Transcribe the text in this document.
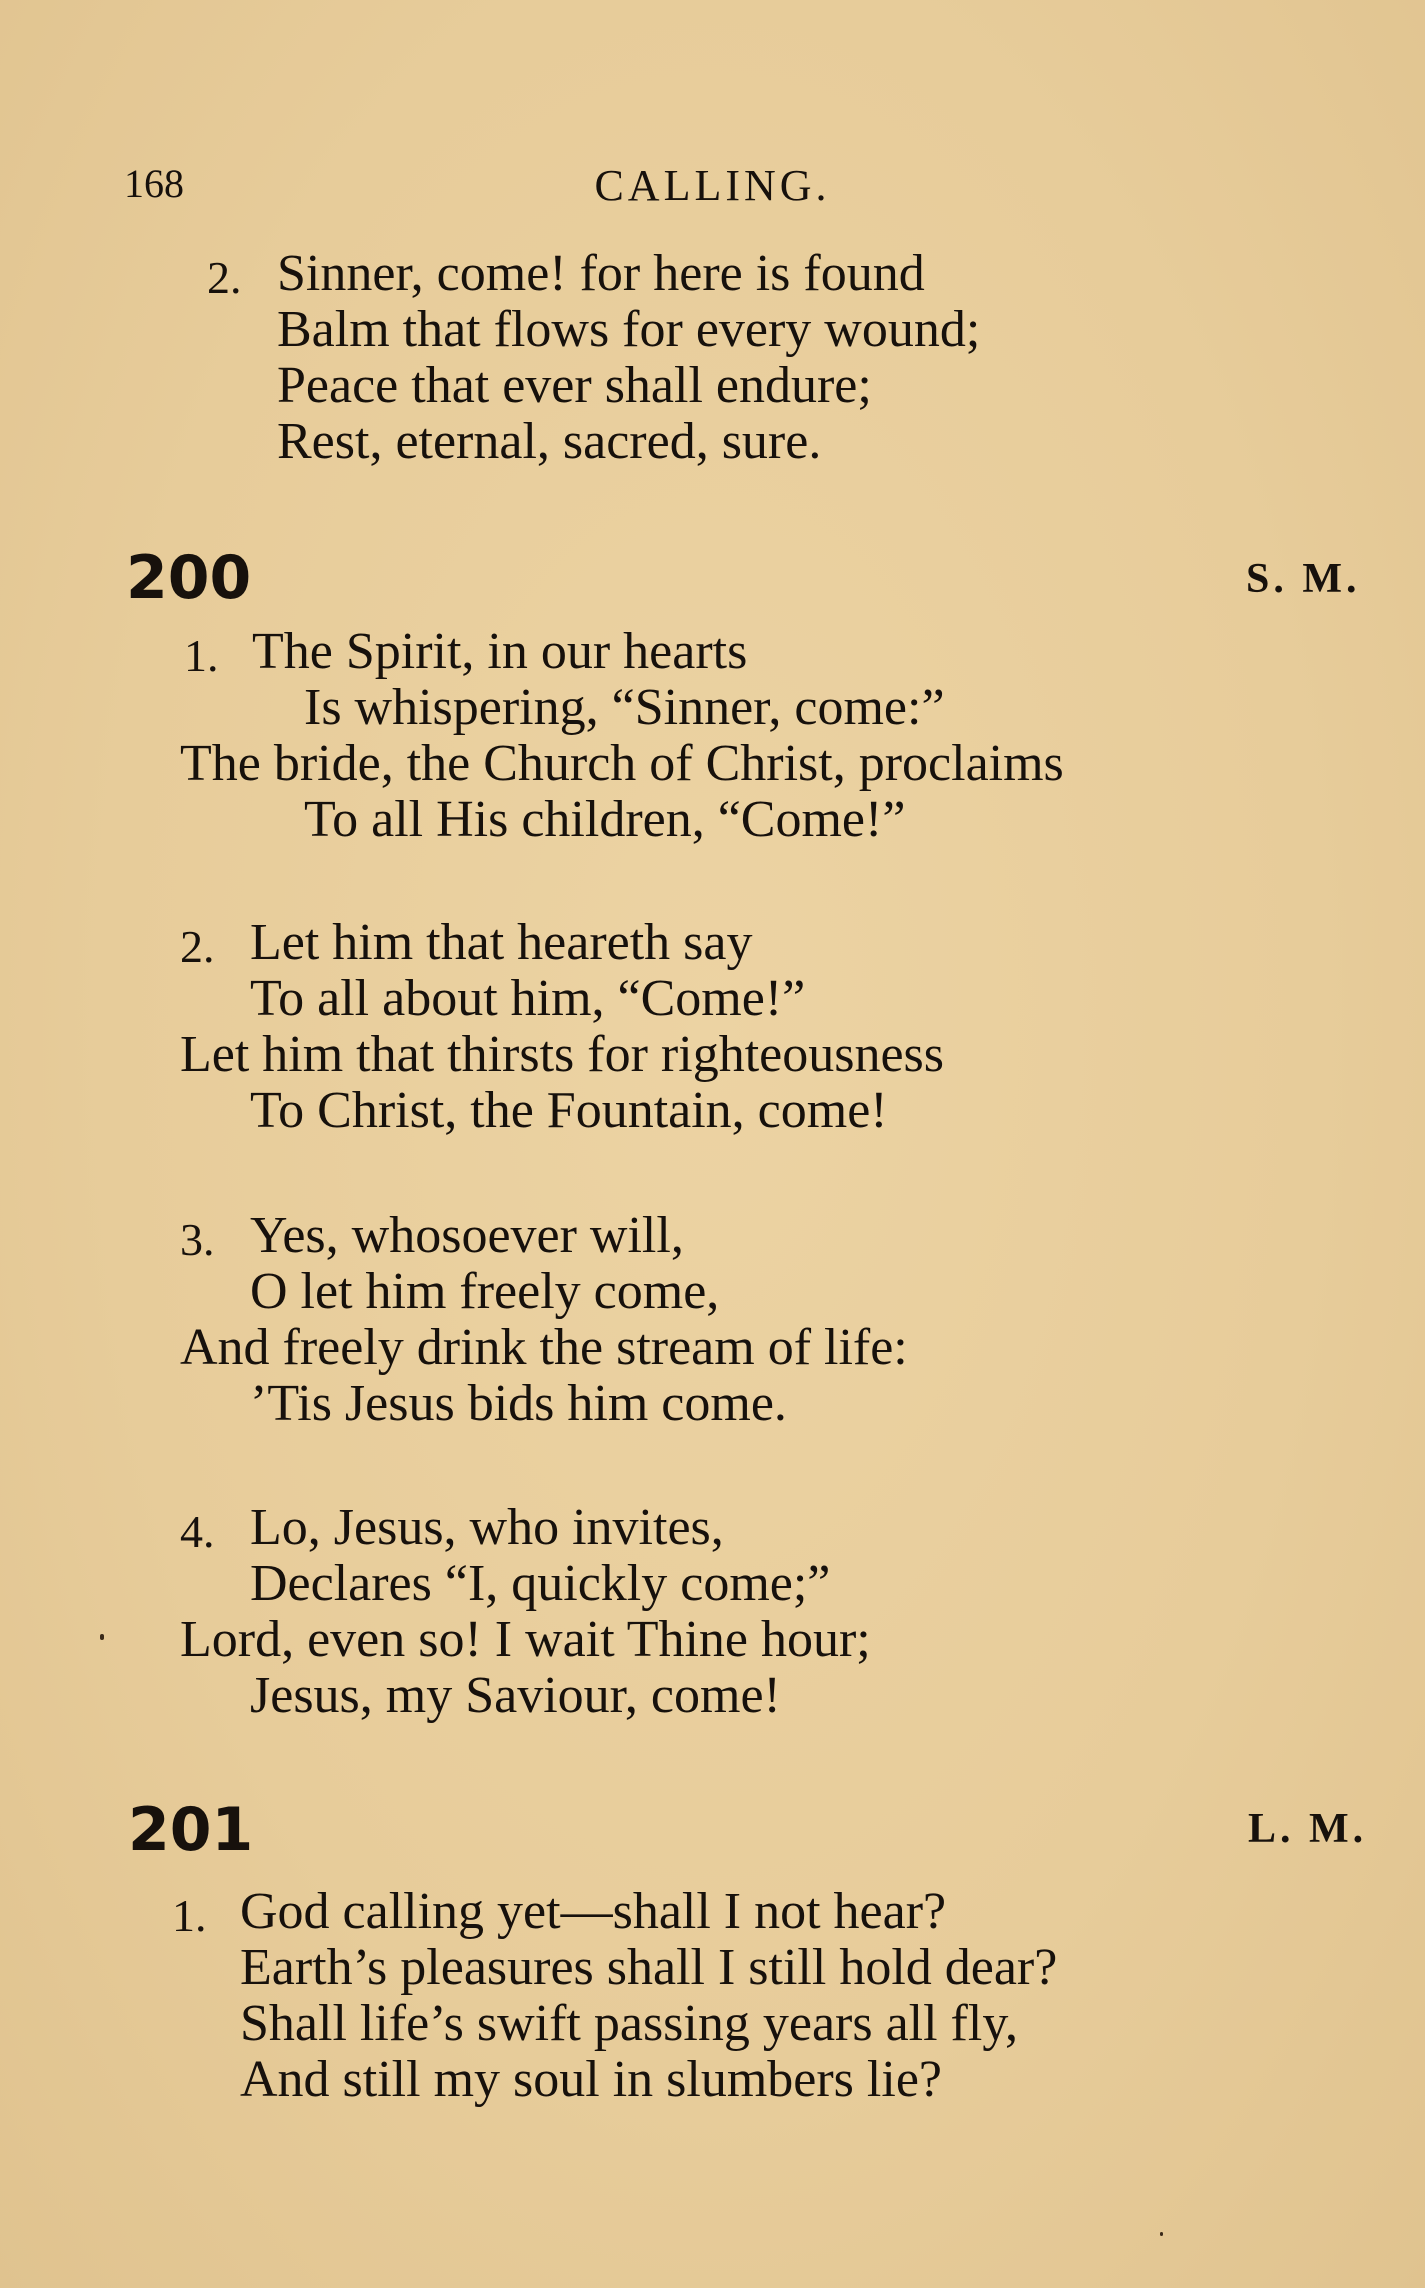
168	CALLING.
2. Sinner, come! for here is found
Balm that flows for every wound;
Peace that ever shall endure;
Rest, eternal, sacred, sure.
200	S. M.
1. The Spirit, in our hearts
Is whispering, “Sinner, come:”
The bride, the Church of Christ, proclaims
To all His children, “Come!”
2. Let him that heareth say
To all about him, “Come!”
Let him that thirsts for righteousness
To Christ, the Fountain, come!
3. Yes, whosoever will,
O let him freely come,
And freely drink the stream of life:
’Tis Jesus bids him come.
4. Lo, Jesus, who invites,
Declares “I, quickly come;”
Lord, even so! I wait Thine hour;
Jesus, my Saviour, come!
201	L. M.
1. God calling yet—shall I not hear?
Earth’s pleasures shall I still hold dear?
Shall life’s swift passing years all fly,
And still my soul in slumbers lie?
